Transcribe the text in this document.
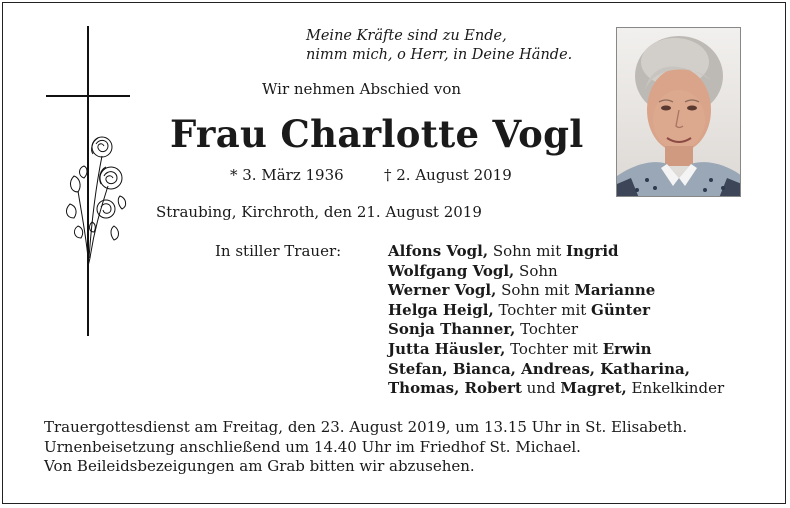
Meine Kräfte sind zu Ende,
nimm mich, o Herr, in Deine Hände.
Wir nehmen Abschied von
Frau Charlotte Vogl
* 3. März 1936	† 2. August 2019
Straubing, Kirchroth, den 21. August 2019
In stiller Trauer:	Alfons Vogl, Sohn mit Ingrid
Wolfgang Vogl, Sohn
Werner Vogl, Sohn mit Marianne
Helga Heigl, Tochter mit Günter
Sonja Thanner, Tochter
Jutta Häusler, Tochter mit Erwin
Stefan, Bianca, Andreas, Katharina,
Thomas, Robert und Magret, Enkelkinder
Trauergottesdienst am Freitag, den 23. August 2019, um 13.15 Uhr in St. Elisabeth.
Urnenbeisetzung anschließend um 14.40 Uhr im Friedhof St. Michael.
Von Beileidsbezeigungen am Grab bitten wir abzusehen.
